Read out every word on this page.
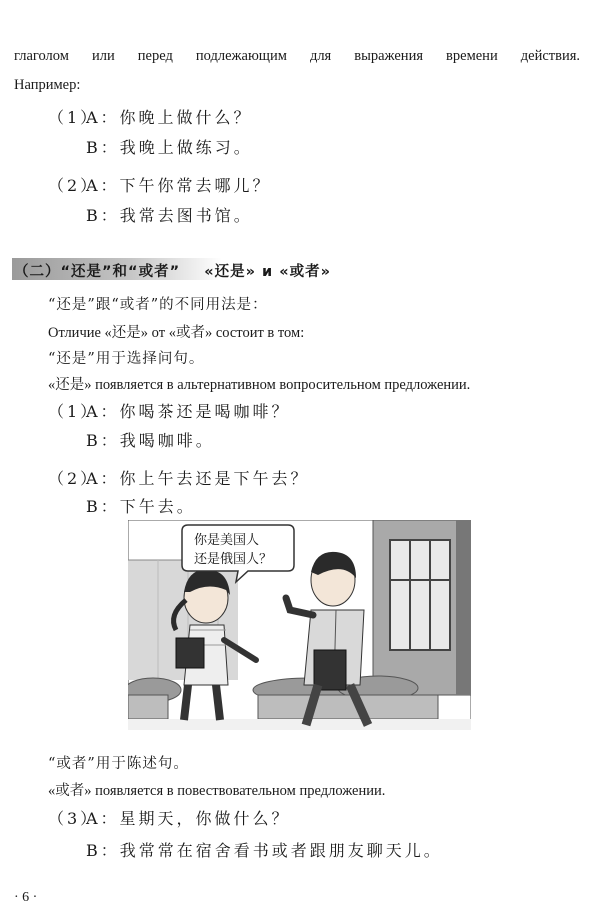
глаголом или перед подлежающим для выражения времени действия.
Например:
（1）A：你晚上做什么？
B：我晚上做练习。
（2）A：下午你常去哪儿？
B：我常去图书馆。
（二）“还是”和“或者” «还是» и «或者»
“还是”跟“或者”的不同用法是：
Отличие «还是» от «或者» состоит в том:
“还是”用于选择问句。
«还是» появляется в альтернативном вопросительном предложении.
（1）A：你喝茶还是喝咖啡？
B：我喝咖啡。
（2）A：你上午去还是下午去？
B：下午去。
你是美国人
还是俄国人？
“或者”用于陈述句。
«或者» появляется в повествовательном предложении.
（3）A：星期天，你做什么？
B：我常常在宿舍看书或者跟朋友聊天儿。
· 6 ·
